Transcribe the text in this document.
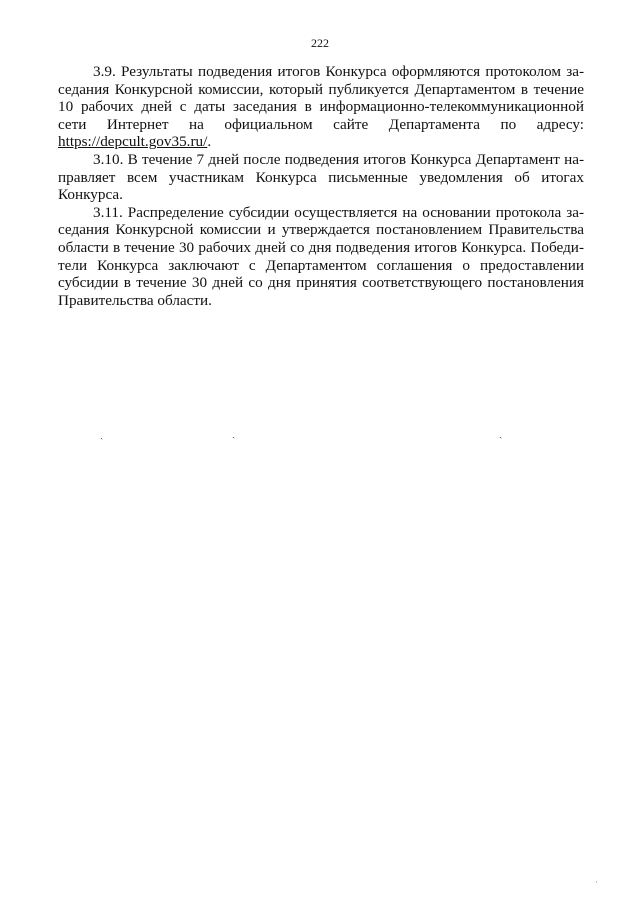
222

3.9. Результаты подведения итогов Конкурса оформляются протоколом заседания Конкурсной комиссии, который публикуется Департаментом в течение 10 рабочих дней с даты заседания в информационно-телекоммуникационной сети Интернет на официальном сайте Департамента по адресу: https://depcult.gov35.ru/.

3.10. В течение 7 дней после подведения итогов Конкурса Департамент направляет всем участникам Конкурса письменные уведомления об итогах Конкурса.

3.11. Распределение субсидии осуществляется на основании протокола заседания Конкурсной комиссии и утверждается постановлением Правительства области в течение 30 рабочих дней со дня подведения итогов Конкурса. Победители Конкурса заключают с Департаментом соглашения о предоставлении субсидии в течение 30 дней со дня принятия соответствующего постановления Правительства области.

ˏ	ˏ	ˏ
ˈ
